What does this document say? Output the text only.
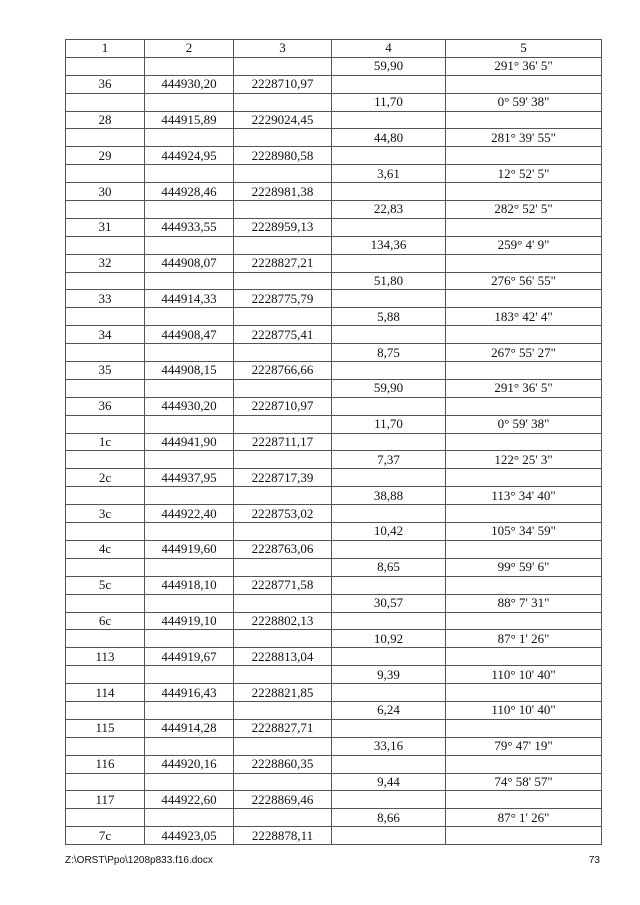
1	2	3	4	5
			59,90	291° 36' 5"
36	444930,20	2228710,97		
			11,70	0° 59' 38"
28	444915,89	2229024,45		
			44,80	281° 39' 55"
29	444924,95	2228980,58		
			3,61	12° 52' 5"
30	444928,46	2228981,38		
			22,83	282° 52' 5"
31	444933,55	2228959,13		
			134,36	259° 4' 9"
32	444908,07	2228827,21		
			51,80	276° 56' 55"
33	444914,33	2228775,79		
			5,88	183° 42' 4"
34	444908,47	2228775,41		
			8,75	267° 55' 27"
35	444908,15	2228766,66		
			59,90	291° 36' 5"
36	444930,20	2228710,97		
			11,70	0° 59' 38"
1c	444941,90	2228711,17		
			7,37	122° 25' 3"
2c	444937,95	2228717,39		
			38,88	113° 34' 40"
3c	444922,40	2228753,02		
			10,42	105° 34' 59"
4c	444919,60	2228763,06		
			8,65	99° 59' 6"
5c	444918,10	2228771,58		
			30,57	88° 7' 31"
6c	444919,10	2228802,13		
			10,92	87° 1' 26"
113	444919,67	2228813,04		
			9,39	110° 10' 40"
114	444916,43	2228821,85		
			6,24	110° 10' 40"
115	444914,28	2228827,71		
			33,16	79° 47' 19"
116	444920,16	2228860,35		
			9,44	74° 58' 57"
117	444922,60	2228869,46		
			8,66	87° 1' 26"
7c	444923,05	2228878,11		
Z:\ORST\Ppo\1208p833.f16.docx	73
